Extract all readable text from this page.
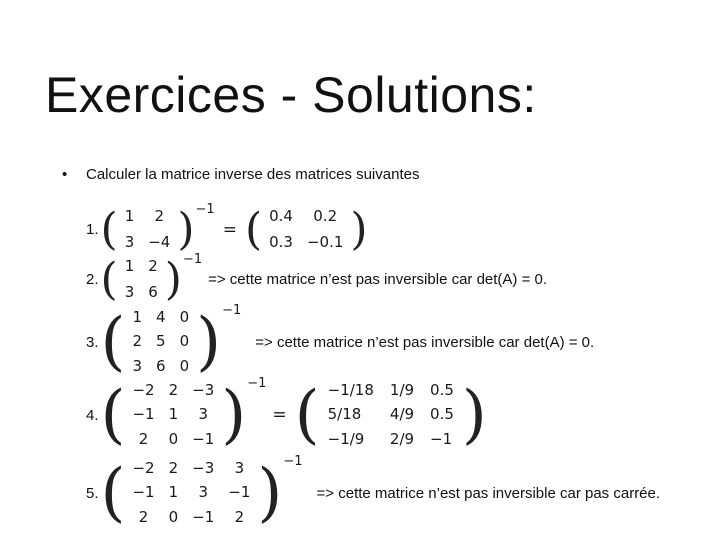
Exercices - Solutions:
• Calculer la matrice inverse des matrices suivantes
1. ( 1	2
3	−4 ) −1
= ( 0.4	0.2
0.3	−0.1 )
2. ( 1	2
3	6 ) −1
=> cette matrice n’est pas inversible car det(A) = 0.
3. ( 1	4	0
2	5	0
3	6	0 ) −1
=> cette matrice n’est pas inversible car det(A) = 0.
4. ( −2	2	−3
−1	1	3
2	0	−1 ) −1
= ( −1/18	1/9	0.5
5/18	4/9	0.5
−1/9	2/9	−1 )
5. ( −2	2	−3	3
−1	1	3	−1
2	0	−1	2 ) −1
=> cette matrice n’est pas inversible car pas carrée.
